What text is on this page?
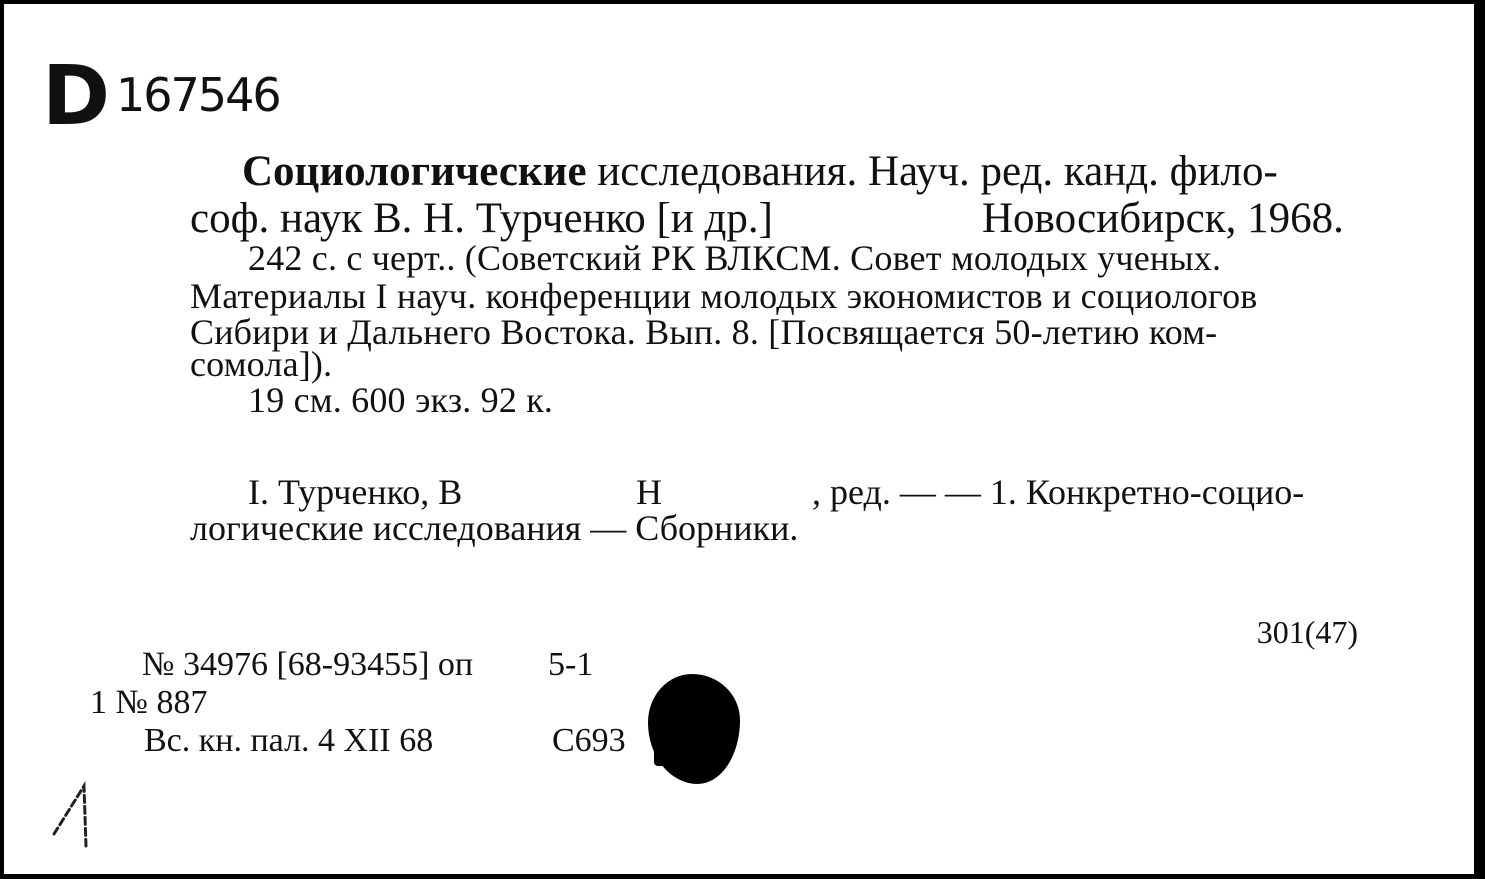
D 167546
Социологические исследования. Науч. ред. канд. фило-
соф. наук В. Н. Турченко [и др.]	Новосибирск, 1968.
242 с. с черт.. (Советский РК ВЛКСМ. Совет молодых ученых.
Материалы I науч. конференции молодых экономистов и социологов
Сибири и Дальнего Востока. Вып. 8. [Посвящается 50-летию ком-
сомола]).
19 см. 600 экз. 92 к.
I. Турченко, В	Н	, ред. — — 1. Конкретно-социо-
логические исследования — Сборники.
301(47)
№ 34976 [68-93455] оп 5-1
1 № 887
Вс. кн. пал. 4 XII 68	С693
